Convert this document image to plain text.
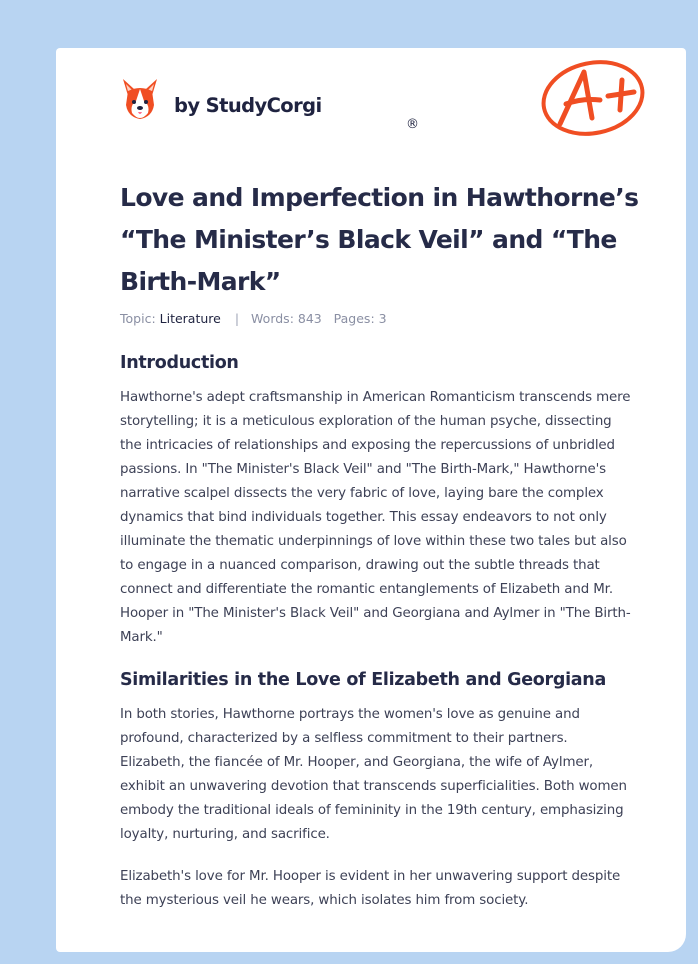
by StudyCorgi
®
Love and Imperfection in Hawthorne’s “The Minister’s Black Veil” and “The Birth-Mark”
Topic: Literature | Words: 843 Pages: 3
Introduction

Hawthorne's adept craftsmanship in American Romanticism transcends mere storytelling; it is a meticulous exploration of the human psyche, dissecting the intricacies of relationships and exposing the repercussions of unbridled passions. In "The Minister's Black Veil" and "The Birth-Mark," Hawthorne's narrative scalpel dissects the very fabric of love, laying bare the complex dynamics that bind individuals together. This essay endeavors to not only illuminate the thematic underpinnings of love within these two tales but also to engage in a nuanced comparison, drawing out the subtle threads that connect and differentiate the romantic entanglements of Elizabeth and Mr. Hooper in "The Minister's Black Veil" and Georgiana and Aylmer in "The Birth-Mark."

Similarities in the Love of Elizabeth and Georgiana

In both stories, Hawthorne portrays the women's love as genuine and profound, characterized by a selfless commitment to their partners. Elizabeth, the fiancée of Mr. Hooper, and Georgiana, the wife of Aylmer, exhibit an unwavering devotion that transcends superficialities. Both women embody the traditional ideals of femininity in the 19th century, emphasizing loyalty, nurturing, and sacrifice.

Elizabeth's love for Mr. Hooper is evident in her unwavering support despite the mysterious veil he wears, which isolates him from society.
